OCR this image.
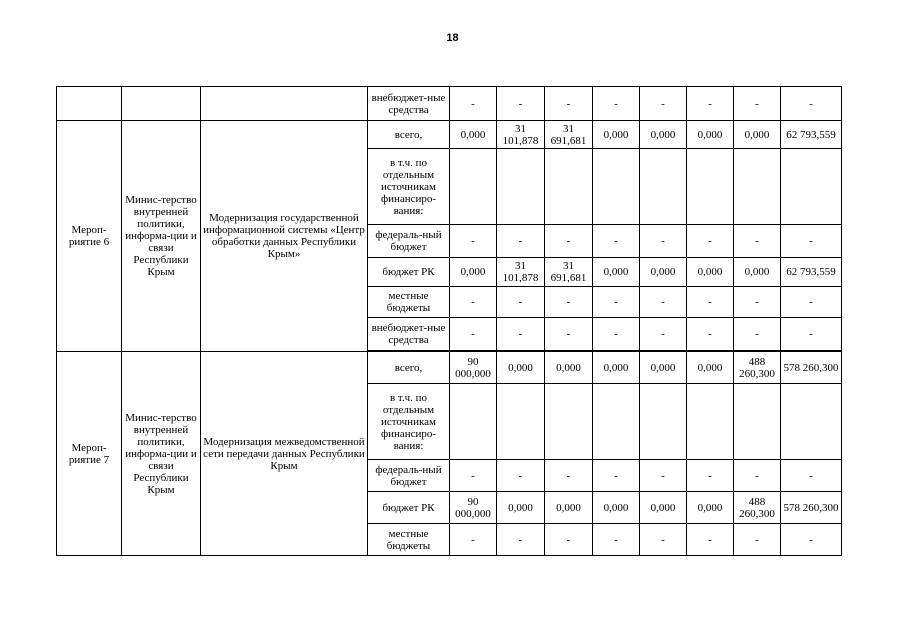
18
			внебюджет-ные средства	-	-	-	-	-	-	-	-
Мероп-риятие 6	Минис-терство внутренней политики, информа-ции и связи Республики Крым	Модернизация государственной информационной системы «Центр обработки данных Республики Крым»	всего,	0,000	31 101,878	31 691,681	0,000	0,000	0,000	0,000	62 793,559
			в т.ч. по отдельным источникам финансиро-вания:								
			федераль-ный бюджет	-	-	-	-	-	-	-	-
			бюджет РК	0,000	31 101,878	31 691,681	0,000	0,000	0,000	0,000	62 793,559
			местные бюджеты	-	-	-	-	-	-	-	-
			внебюджет-ные средства	-	-	-	-	-	-	-	-

Мероп-риятие 7	Минис-терство внутренней политики, информа-ции и связи Республики Крым	Модернизация межведомственной сети передачи данных Республики Крым	всего,	90 000,000	0,000	0,000	0,000	0,000	0,000	488 260,300	578 260,300
			в т.ч. по отдельным источникам финансиро-вания:								
			федераль-ный бюджет	-	-	-	-	-	-	-	-
			бюджет РК	90 000,000	0,000	0,000	0,000	0,000	0,000	488 260,300	578 260,300
			местные бюджеты	-	-	-	-	-	-	-	-
